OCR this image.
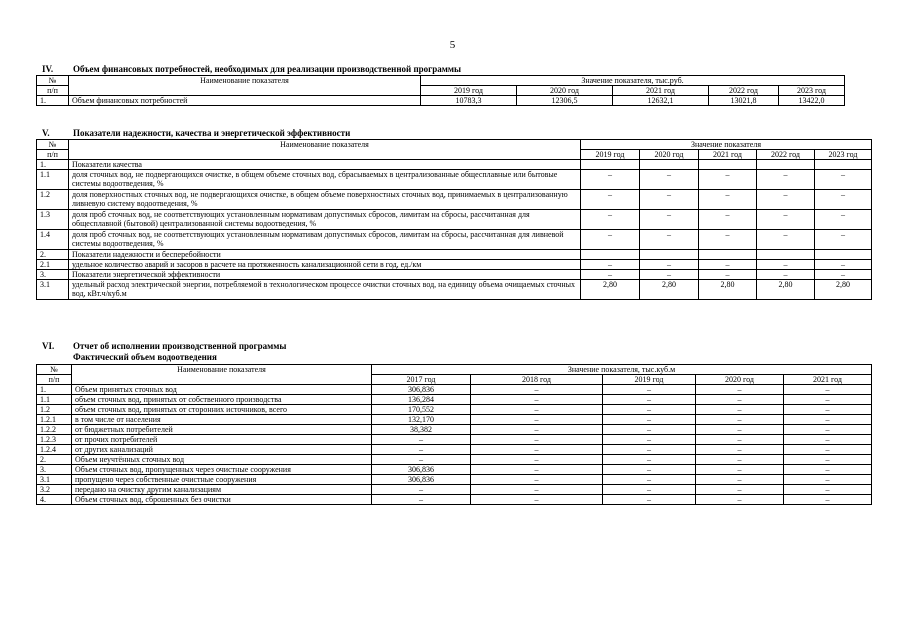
5
IV. Объем финансовых потребностей, необходимых для реализации производственной программы
№	Наименование показателя	Значение показателя, тыс.руб.				
п/п		2019 год	2020 год	2021 год	2022 год	2023 год
1.	Объем финансовых потребностей	10783,3	12306,5	12632,1	13021,8	13422,0
V.	Показатели надежности, качества и энергетической эффективности
№	Наименование показателя	Значение показателя				
п/п		2019 год	2020 год	2021 год	2022 год	2023 год
1.	Показатели качества					
1.1	доля сточных вод, не подвергающихся очистке, в общем объеме сточных вод, сбрасываемых в централизованные общесплавные или бытовые системы водоотведения, %	–	–	–	–	–
1.2	доля поверхностных сточных вод, не подвергающихся очистке, в общем объеме поверхностных сточных вод, принимаемых в централизованную ливневую систему водоотведения, %	–	–	–	–	–
1.3	доля проб сточных вод, не соответствующих установленным нормативам допустимых сбросов, лимитам на сбросы, рассчитанная для общесплавной (бытовой) централизованной системы водоотведения, %	–	–	–	–	–
1.4	доля проб сточных вод, не соответствующих установленным нормативам допустимых сбросов, лимитам на сбросы, рассчитанная для ливневой системы водоотведения, %	–	–	–	–	–
2.	Показатели надежности и бесперебойности					
2.1	удельное количество аварий и засоров в расчете на протяженность канализационной сети в год, ед./км	–	–	–	–	–
3.	Показатели энергетической эффективности	–	–	–	–	–
3.1	удельный расход электрической энергии, потребляемой в технологическом процессе очистки сточных вод, на единицу объема очищаемых сточных вод, кВт.ч/куб.м	2,80	2,80	2,80	2,80	2,80
VI. Отчет об исполнении производственной программы
Фактический объем водоотведения
№	Наименование показателя	Значение показателя, тыс.куб.м				
п/п		2017 год	2018 год	2019 год	2020 год	2021 год
1.	Объем принятых сточных вод	306,836	–	–	–	–
1.1	объем сточных вод, принятых от собственного производства	136,284	–	–	–	–
1.2	объем сточных вод, принятых от сторонних источников, всего	170,552	–	–	–	–
1.2.1	в том числе от населения	132,170	–	–	–	–
1.2.2	от бюджетных потребителей	38,382	–	–	–	–
1.2.3	от прочих потребителей	–	–	–	–	–
1.2.4	от других канализаций	–	–	–	–	–
2.	Объем неучтённых сточных вод	–	–	–	–	–
3.	Объем сточных вод, пропущенных через очистные сооружения	306,836	–	–	–	–
3.1	пропущено через собственные очистные сооружения	306,836	–	–	–	–
3.2	передано на очистку другим канализациям	–	–	–	–	–
4.	Объем сточных вод, сброшенных без очистки	–	–	–	–	–
